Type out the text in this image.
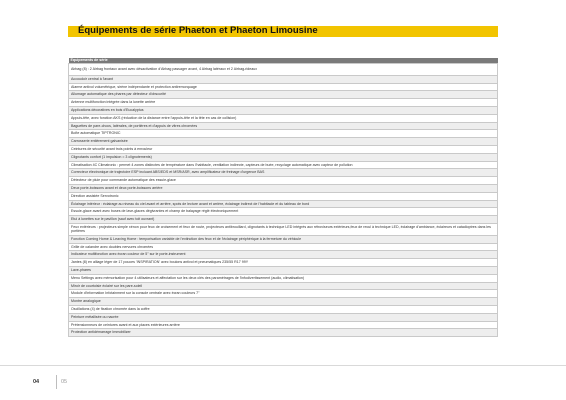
Équipements de série Phaeton et Phaeton Limousine
Equipements de série
Airbag (8) : 2 Airbag frontaux avant avec désactivation d'Airbag passager avant, 4 Airbag latéraux et 2 Airbag-rideaux
Accoudoir central à l'avant
Alarme antivol volumétrique, sirène indépendante et protection antiremorquage
Allumage automatique des phares par détecteur d'obscurité
Antenne multifonction intégrée dans la lunette arrière
Applications décoratives en bois d'Eucalyptus
Appuis-tête, avec fonction AKS (réduction de la distance entre l'appuis-tête et la tête en cas de collision)
Baguettes de pare-chocs, latérales, de portières et d'appuis de vitres chromées
Boîte automatique TIPTRONIC
Carrosserie entièrement galvanisée
Ceintures de sécurité avant trois points à enrouleur
Clignotants confort (1 impulsion = 3 clignotements)
Climatisation 4C Climatronic : permet 4 zones distinctes de température dans l'habitacle, ventilation indirecte, capteurs de buée, recyclage automatique avec capteur de pollution
Correcteur électronique de trajectoire ESP incluant ABS/EDS et MSR/ASR, avec amplificateur de freinage d'urgence BAS
Détecteur de pluie pour commande automatique des essuie-glace
Deux porte-boissons avant et deux porte-boissons arrière
Direction assistée Servotronic
Éclairage intérieur : éclairage au niveau du ciel avant et arrière, spots de lecture avant et arrière, éclairage indirect de l'habitacle et du tableau de bord
Essuie-glace avant avec buses de lave-glaces dégivrantes et champ de balayage réglé électroniquement
Etui à lunettes sur le pavillon (sauf avec toit ouvrant)
Feux extérieurs : projecteurs simple xénon pour feux de croisement et feux de route, projecteurs antibrouillard, clignotants à technique LED intégrés aux rétroviseurs extérieurs,feux de recul à technique LED, éclairage d'ambiance, éclaireurs et catadioptres dans les portières
Fonction Coming Home & Leaving Home : temporisation variable de l'extinction des feux et de l'éclairage périphérique à la fermeture du véhicule
Grille de calandre avec doubles nervures chromées
Indicateur multifonction avec écran couleur de 5" sur le porte-instrument
Jantes (8) en alliage léger de 17 pouces 'INSPIRATION' avec boulons antivol et pneumatiques 235/55 R17 99Y
Lave-phares
Menu Settings avec mémorisation pour 4 utilisateurs et affectation sur les deux clés des paramétrages de l'infodivertissement (audio, climatisation)
Miroir de courtoisie éclairé sur les pare-soleil
Module d'information Infotainment sur la console centrale avec écran couleurs 7"
Montre analogique
Oscillations (4) de fixation chromée dans la coffre
Peinture métallisée ou nacrée
Prétensionneurs de ceintures avant et aux places extérieures arrière
Protection antidémarrage Immobilizer
04	05
